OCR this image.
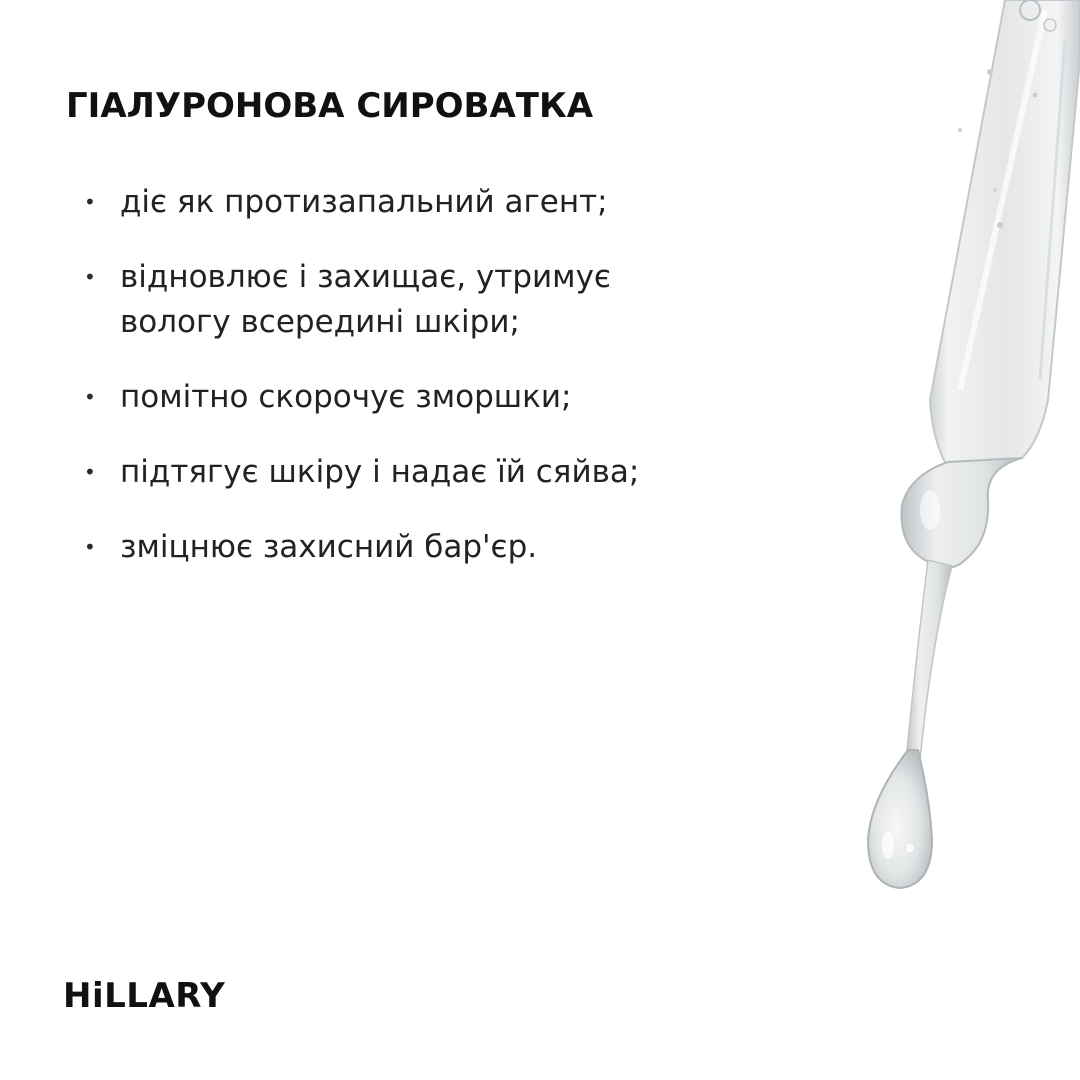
ГІАЛУРОНОВА СИРОВАТКА
• діє як протизапальний агент;
• відновлює і захищає, утримує вологу всередині шкіри;
• помітно скорочує зморшки;
• підтягує шкіру і надає їй сяйва;
• зміцнює захисний бар'єр.
HiLLARY
